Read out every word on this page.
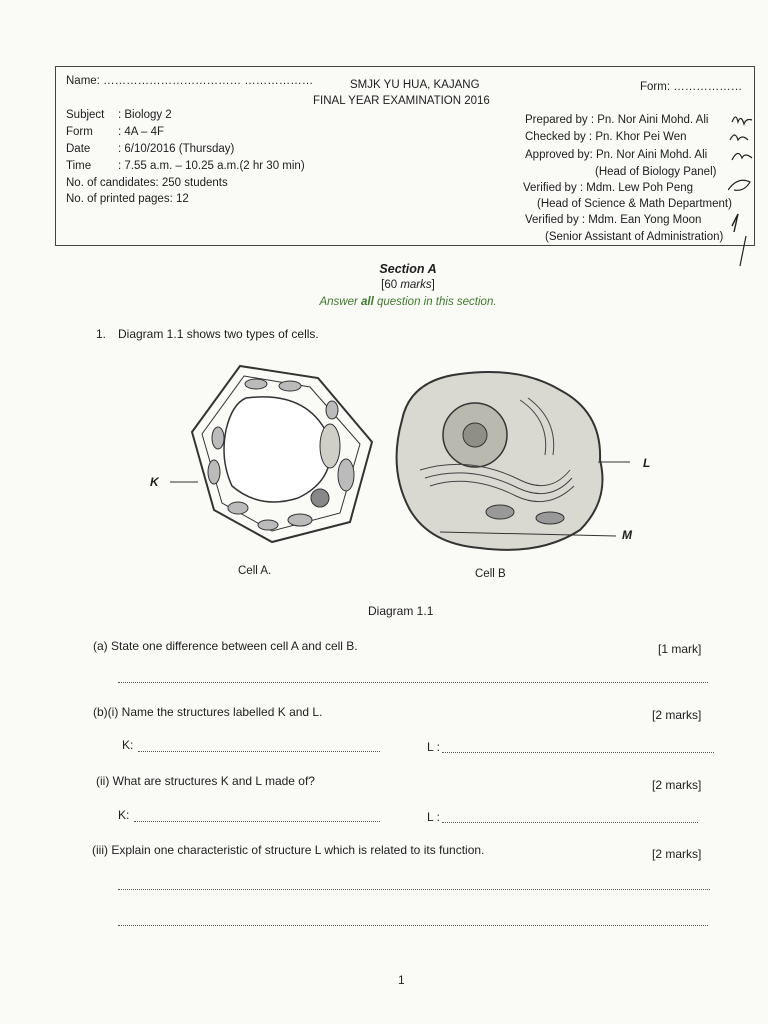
Name: ……………………………… ………………	SMJK YU HUA, KAJANG
FINAL YEAR EXAMINATION 2016
Form: ………………
Subject : Biology 2
Form : 4A – 4F
Date : 6/10/2016 (Thursday)
Time : 7.55 a.m. – 10.25 a.m.(2 hr 30 min)
No. of candidates: 250 students
No. of printed pages: 12
Prepared by : Pn. Nor Aini Mohd. Ali
Checked by : Pn. Khor Pei Wen
Approved by: Pn. Nor Aini Mohd. Ali
(Head of Biology Panel)
Verified by : Mdm. Lew Poh Peng
(Head of Science & Math Department)
Verified by : Mdm. Ean Yong Moon
(Senior Assistant of Administration)
Section A
[60 marks]
Answer all question in this section.
1. Diagram 1.1 shows two types of cells.
K
L
M
Cell A.	Cell B
Diagram 1.1
(a) State one difference between cell A and cell B.	[1 mark]
(b)(i) Name the structures labelled K and L.	[2 marks]
K:	L :
(ii) What are structures K and L made of?	[2 marks]
K:	L :
(iii) Explain one characteristic of structure L which is related to its function.	[2 marks]
1
